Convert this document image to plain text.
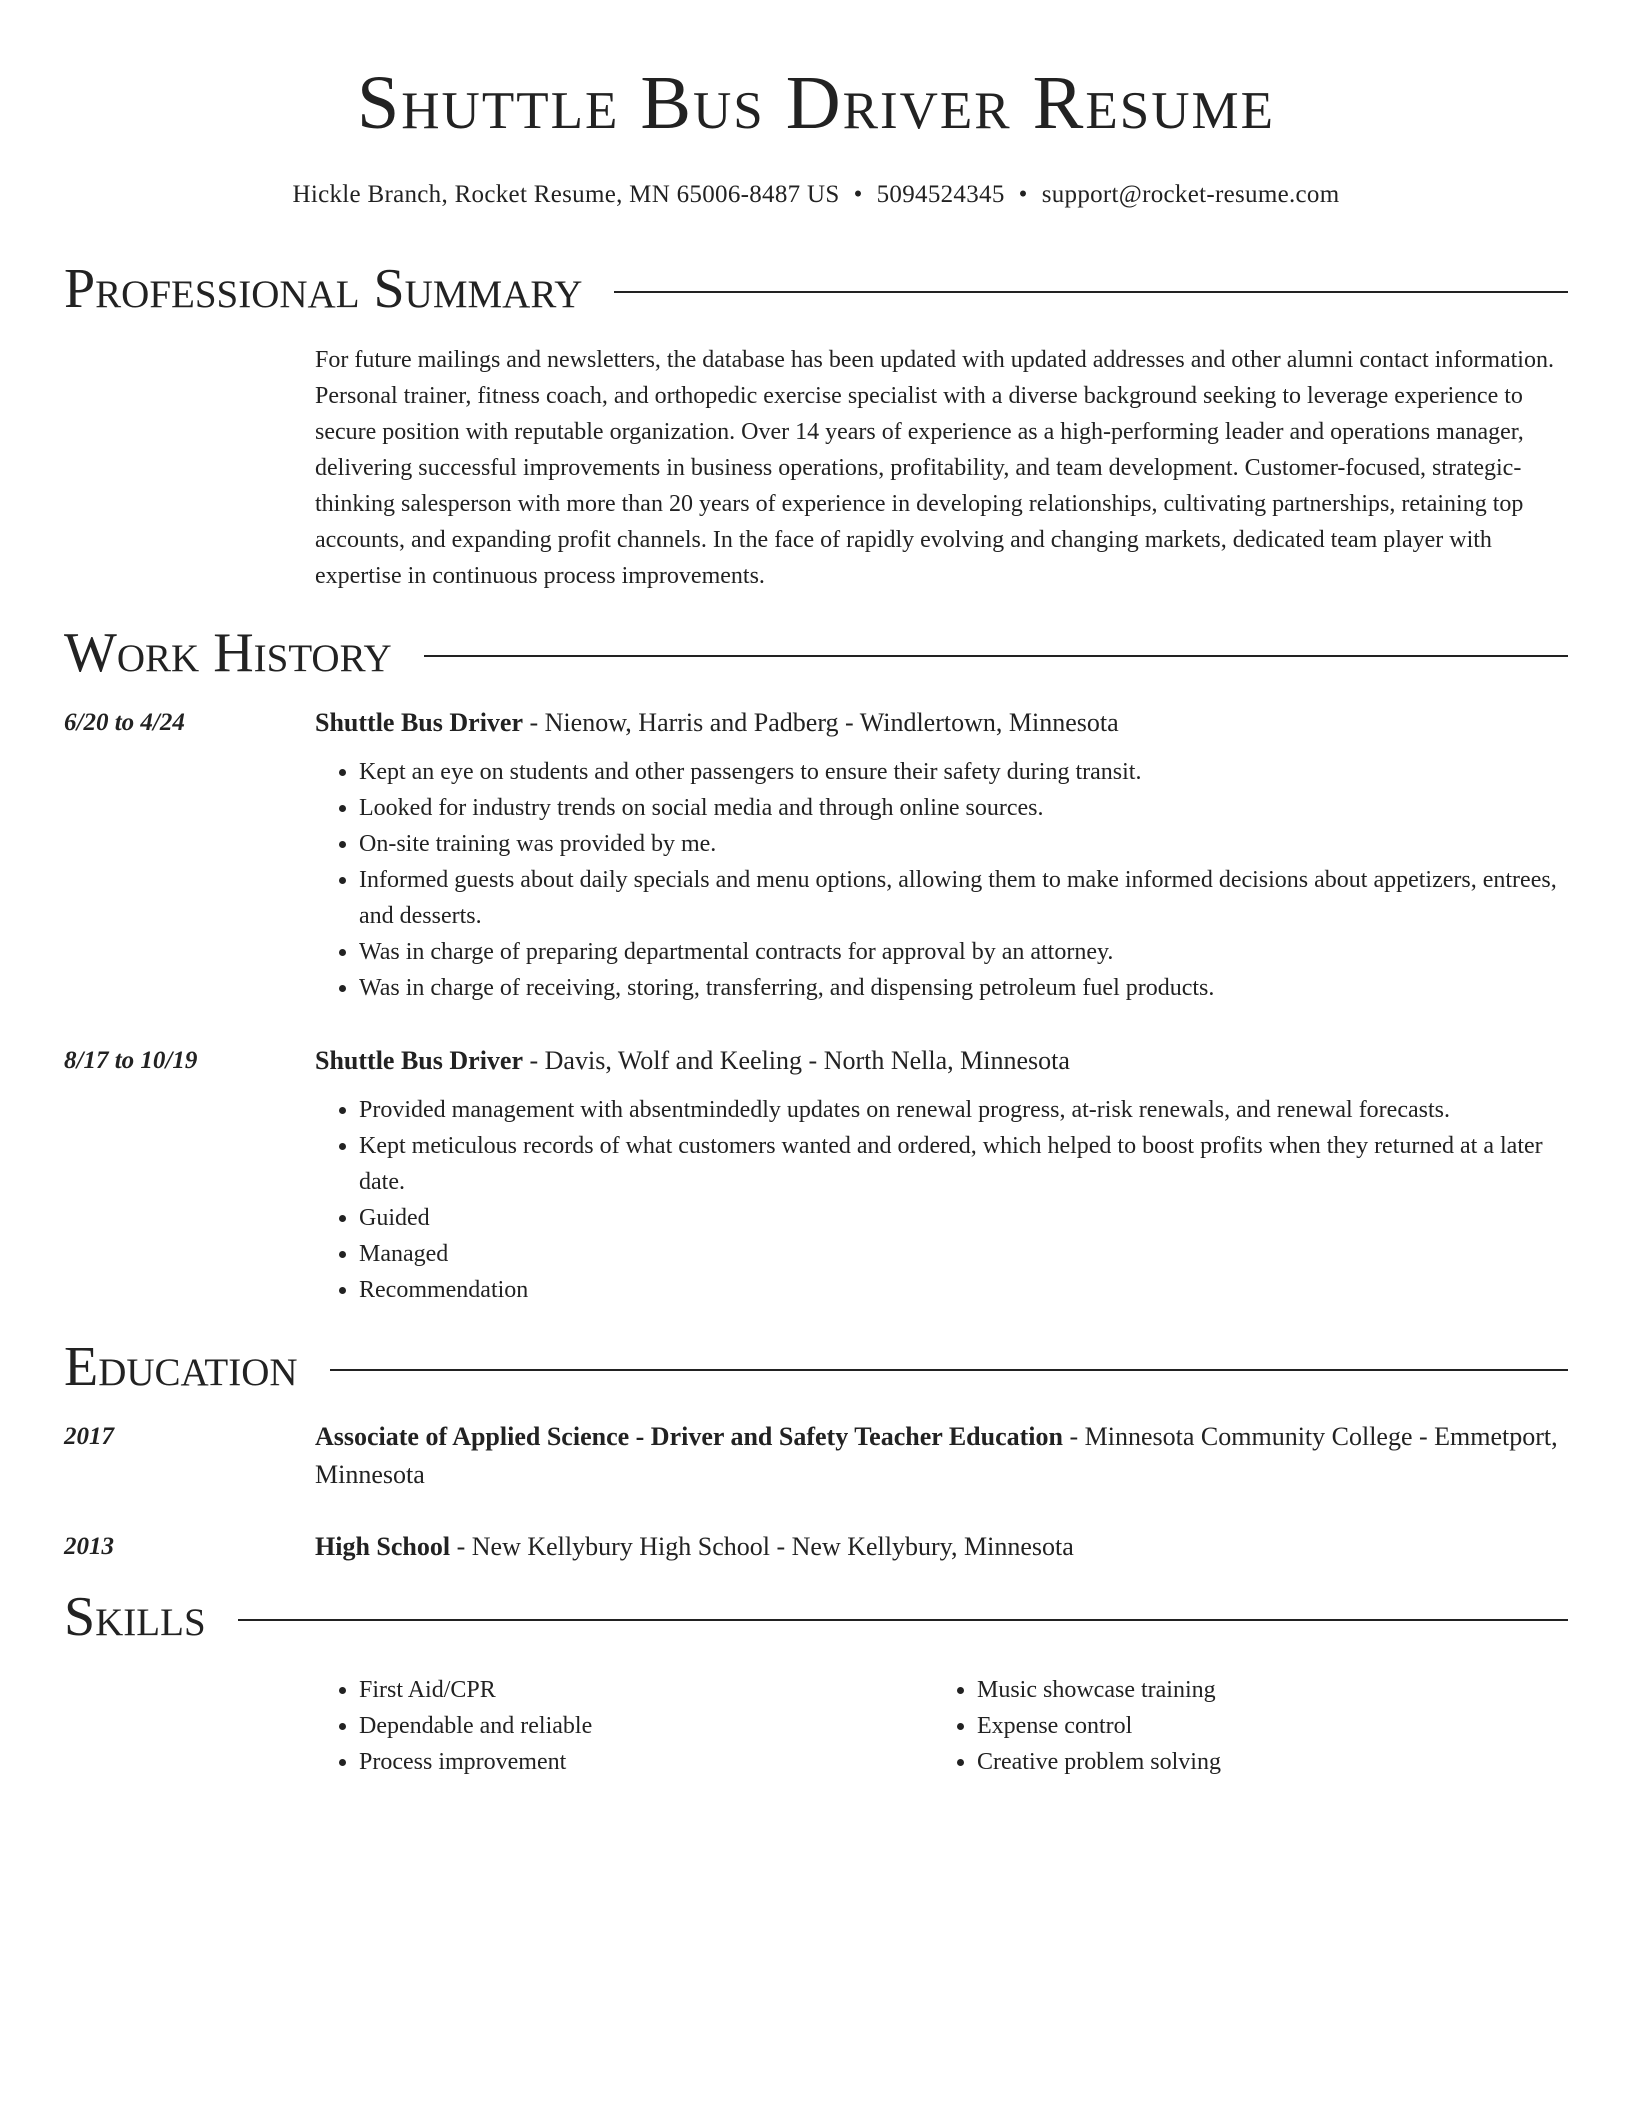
Shuttle Bus Driver Resume
Hickle Branch, Rocket Resume, MN 65006-8487 US • 5094524345 • support@rocket-resume.com
Professional Summary
For future mailings and newsletters, the database has been updated with updated addresses and other alumni contact information. Personal trainer, fitness coach, and orthopedic exercise specialist with a diverse background seeking to leverage experience to secure position with reputable organization. Over 14 years of experience as a high-performing leader and operations manager, delivering successful improvements in business operations, profitability, and team development. Customer-focused, strategic-thinking salesperson with more than 20 years of experience in developing relationships, cultivating partnerships, retaining top accounts, and expanding profit channels. In the face of rapidly evolving and changing markets, dedicated team player with expertise in continuous process improvements.
Work History
6/20 to 4/24	Shuttle Bus Driver - Nienow, Harris and Padberg - Windlertown, Minnesota
• Kept an eye on students and other passengers to ensure their safety during transit.
• Looked for industry trends on social media and through online sources.
• On-site training was provided by me.
• Informed guests about daily specials and menu options, allowing them to make informed decisions about appetizers, entrees, and desserts.
• Was in charge of preparing departmental contracts for approval by an attorney.
• Was in charge of receiving, storing, transferring, and dispensing petroleum fuel products.
8/17 to 10/19	Shuttle Bus Driver - Davis, Wolf and Keeling - North Nella, Minnesota
• Provided management with absentmindedly updates on renewal progress, at-risk renewals, and renewal forecasts.
• Kept meticulous records of what customers wanted and ordered, which helped to boost profits when they returned at a later date.
• Guided
• Managed
• Recommendation
Education
2017	Associate of Applied Science - Driver and Safety Teacher Education - Minnesota Community College - Emmetport, Minnesota
2013	High School - New Kellybury High School - New Kellybury, Minnesota
Skills
• First Aid/CPR
• Dependable and reliable
• Process improvement
• Music showcase training
• Expense control
• Creative problem solving
